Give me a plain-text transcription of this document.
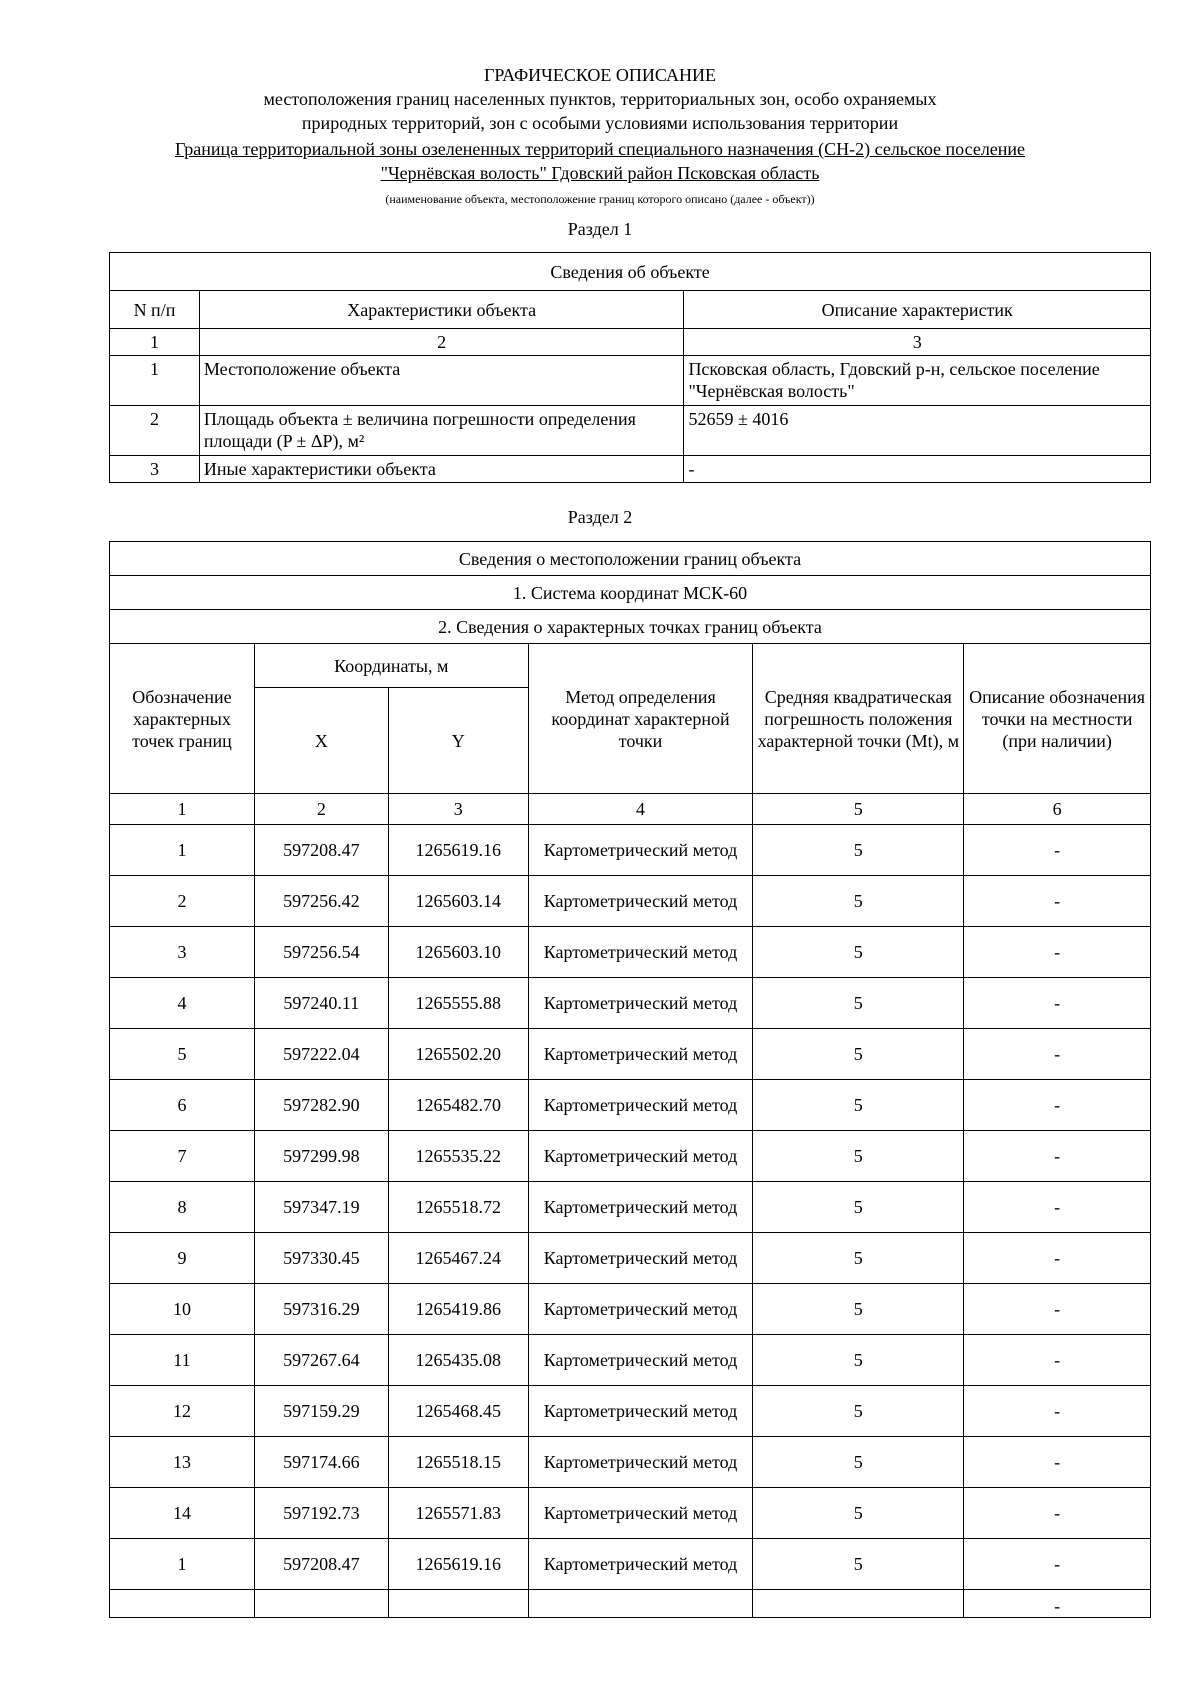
ГРАФИЧЕСКОЕ ОПИСАНИЕ
местоположения границ населенных пунктов, территориальных зон, особо охраняемых
природных территорий, зон с особыми условиями использования территории
Граница территориальной зоны озелененных территорий специального назначения (СН-2) сельское поселение
"Чернёвская волость" Гдовский район Псковская область
(наименование объекта, местоположение границ которого описано (далее - объект))
Раздел 1
Сведения об объекте		
N п/п	Характеристики объекта	Описание характеристик
1	2	3
1	Местоположение объекта	Псковская область, Гдовский р-н, сельское поселение "Чернёвская волость"
2	Площадь объекта ± величина погрешности определения площади (P ± ΔP), м²	52659 ± 4016
3	Иные характеристики объекта	-
Раздел 2
Сведения о местоположении границ объекта					
1. Система координат МСК-60					
2. Сведения о характерных точках границ объекта					
Обозначение характерных точек границ	Координаты, м		Метод определения координат характерной точки	Средняя квадратическая погрешность положения характерной точки (Mt), м	Описание обозначения точки на местности (при наличии)
	X	Y			
1	2	3	4	5	6
1	597208.47	1265619.16	Картометрический метод	5	-
2	597256.42	1265603.14	Картометрический метод	5	-
3	597256.54	1265603.10	Картометрический метод	5	-
4	597240.11	1265555.88	Картометрический метод	5	-
5	597222.04	1265502.20	Картометрический метод	5	-
6	597282.90	1265482.70	Картометрический метод	5	-
7	597299.98	1265535.22	Картометрический метод	5	-
8	597347.19	1265518.72	Картометрический метод	5	-
9	597330.45	1265467.24	Картометрический метод	5	-
10	597316.29	1265419.86	Картометрический метод	5	-
11	597267.64	1265435.08	Картометрический метод	5	-
12	597159.29	1265468.45	Картометрический метод	5	-
13	597174.66	1265518.15	Картометрический метод	5	-
14	597192.73	1265571.83	Картометрический метод	5	-
1	597208.47	1265619.16	Картометрический метод	5	-
					-
